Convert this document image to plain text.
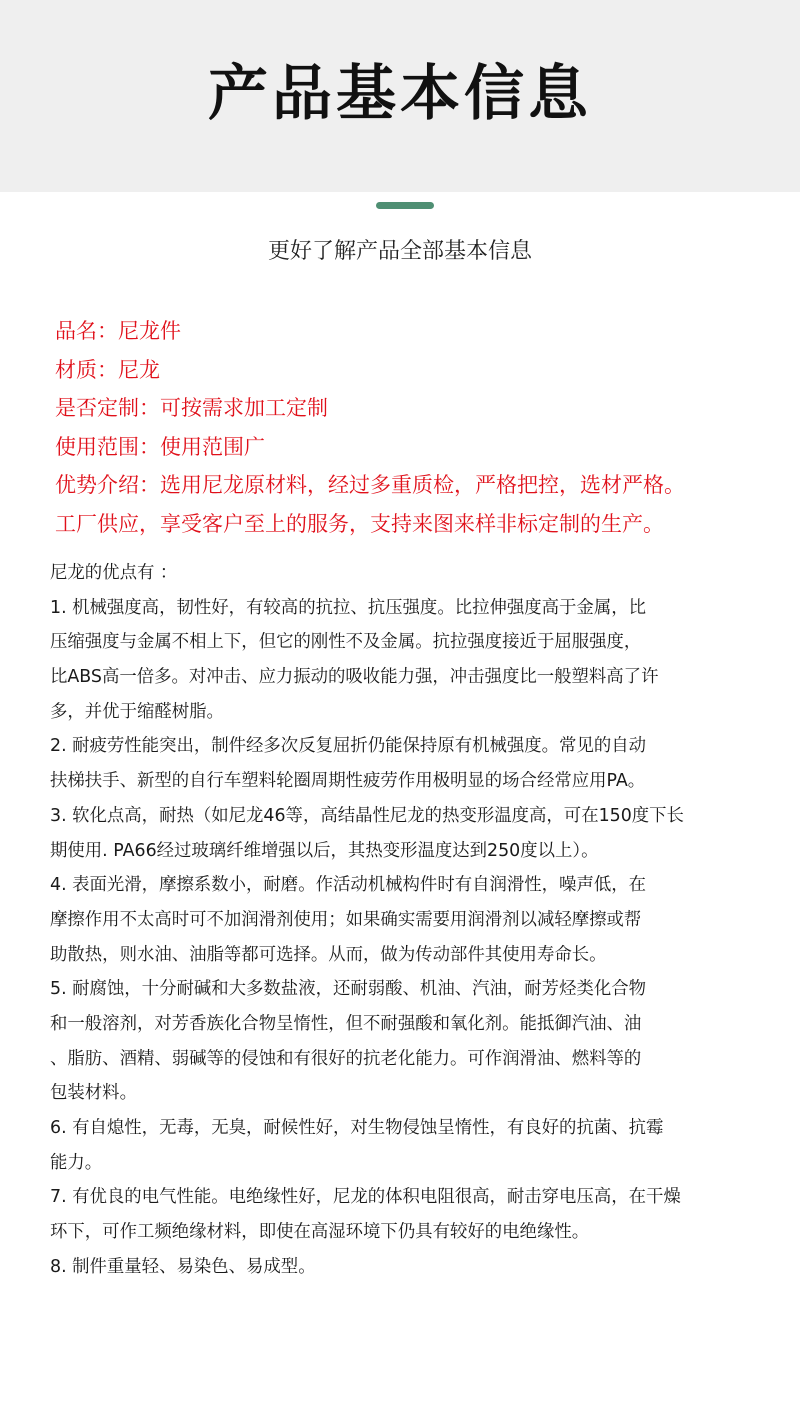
产品基本信息
更好了解产品全部基本信息
品名：尼龙件
材质：尼龙
是否定制：可按需求加工定制
使用范围：使用范围广
优势介绍：选用尼龙原材料，经过多重质检，严格把控，选材严格。
工厂供应，享受客户至上的服务，支持来图来样非标定制的生产。
尼龙的优点有 ：
1. 机械强度高，韧性好，有较高的抗拉、抗压强度。比拉伸强度高于金属，比
压缩强度与金属不相上下，但它的刚性不及金属。抗拉强度接近于屈服强度，
比ABS高一倍多。对冲击、应力振动的吸收能力强，冲击强度比一般塑料高了许
多，并优于缩醛树脂。
2. 耐疲劳性能突出，制件经多次反复屈折仍能保持原有机械强度。常见的自动
扶梯扶手、新型的自行车塑料轮圈周期性疲劳作用极明显的场合经常应用PA。
3. 软化点高，耐热（如尼龙46等，高结晶性尼龙的热变形温度高，可在150度下长
期使用. PA66经过玻璃纤维增强以后，其热变形温度达到250度以上）。
4. 表面光滑，摩擦系数小，耐磨。作活动机械构件时有自润滑性，噪声低，在
摩擦作用不太高时可不加润滑剂使用；如果确实需要用润滑剂以减轻摩擦或帮
助散热，则水油、油脂等都可选择。从而，做为传动部件其使用寿命长。
5. 耐腐蚀，十分耐碱和大多数盐液，还耐弱酸、机油、汽油，耐芳烃类化合物
和一般溶剂，对芳香族化合物呈惰性，但不耐强酸和氧化剂。能抵御汽油、油
、脂肪、酒精、弱碱等的侵蚀和有很好的抗老化能力。可作润滑油、燃料等的
包装材料。
6. 有自熄性，无毒，无臭，耐候性好，对生物侵蚀呈惰性，有良好的抗菌、抗霉
能力。
7. 有优良的电气性能。电绝缘性好，尼龙的体积电阻很高，耐击穿电压高，在干燥
环下，可作工频绝缘材料，即使在高湿环境下仍具有较好的电绝缘性。
8. 制件重量轻、易染色、易成型。
